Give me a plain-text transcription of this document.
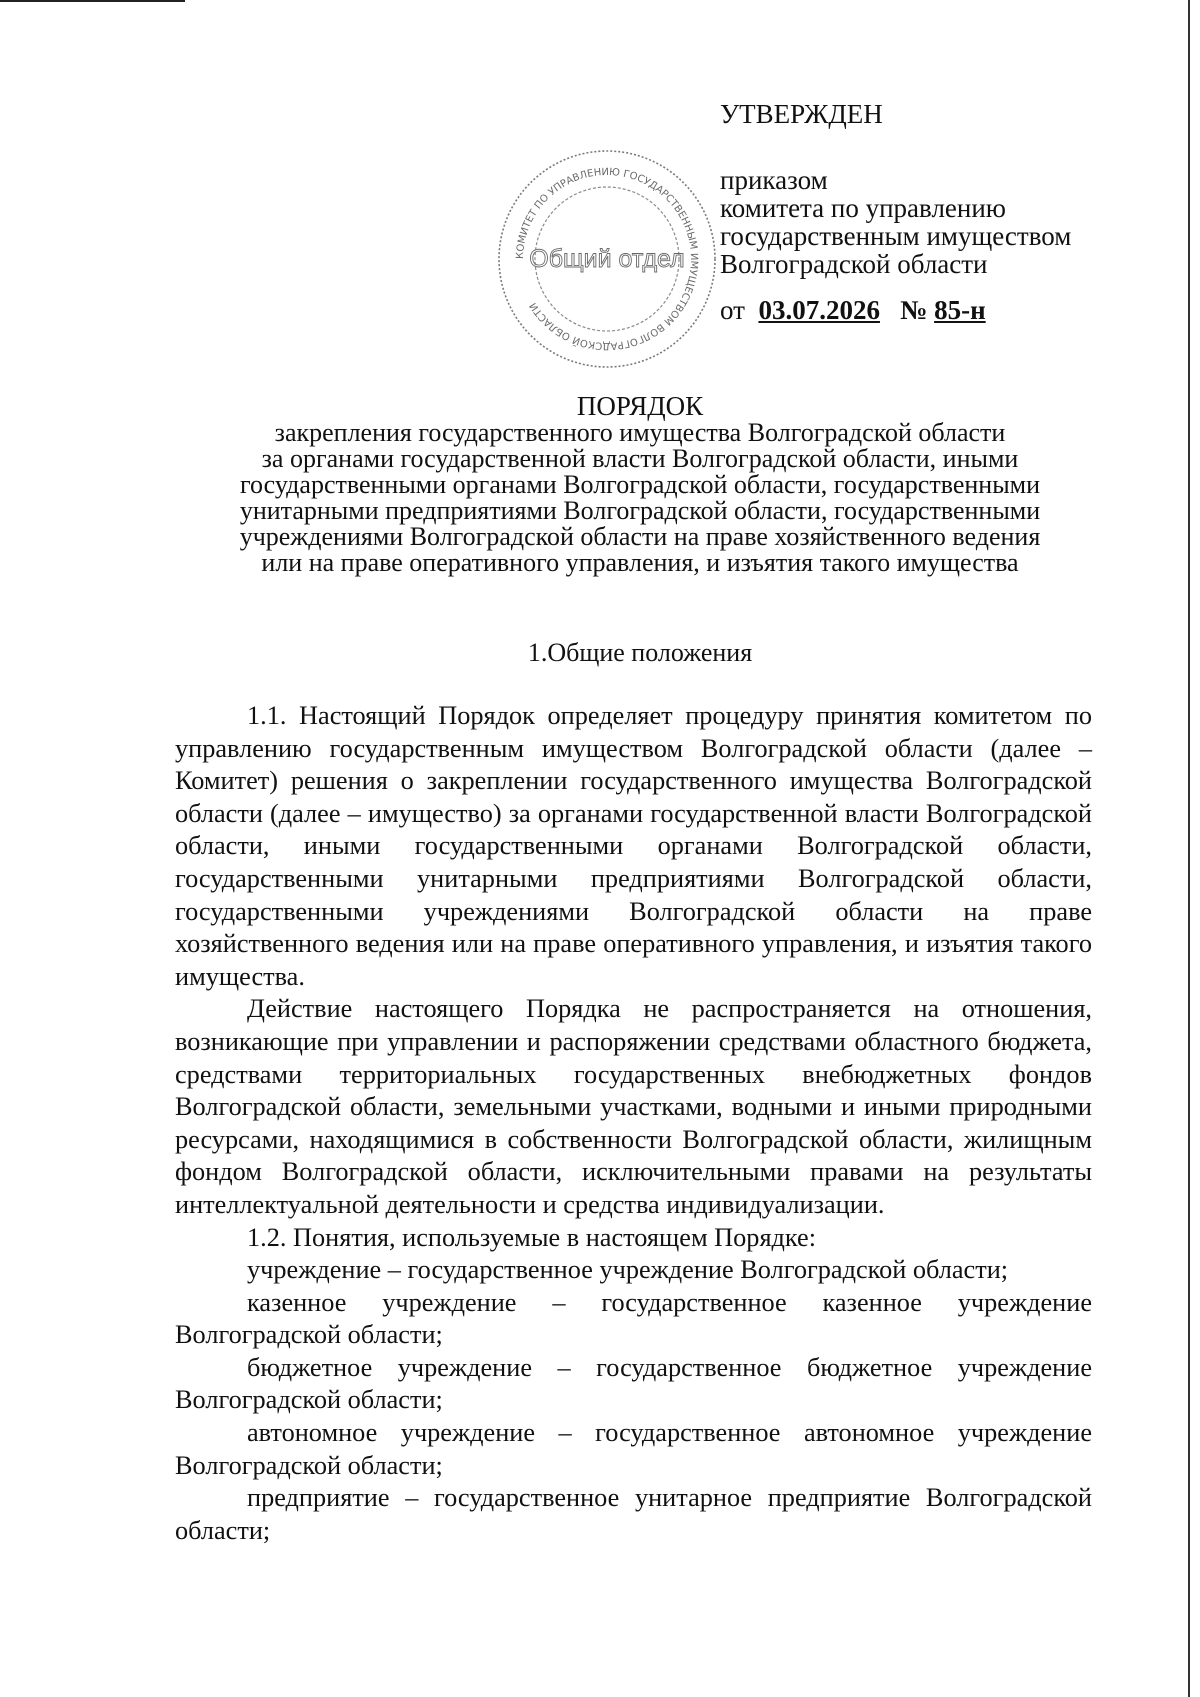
УТВЕРЖДЕН
приказом
комитета по управлению
государственным имуществом
Волгоградской области
от 03.07.2026 № 85-н
КОМИТЕТ ПО УПРАВЛЕНИЮ ГОСУДАРСТВЕННЫМ ИМУЩЕСТВОМ ВОЛГОГРАДСКОЙ ОБЛАСТИ
Общий отдел
ПОРЯДОК
закрепления государственного имущества Волгоградской области
за органами государственной власти Волгоградской области, иными
государственными органами Волгоградской области, государственными
унитарными предприятиями Волгоградской области, государственными
учреждениями Волгоградской области на праве хозяйственного ведения
или на праве оперативного управления, и изъятия такого имущества
1.Общие положения

1.1. Настоящий Порядок определяет процедуру принятия комитетом по управлению государственным имуществом Волгоградской области (далее – Комитет) решения о закреплении государственного имущества Волгоградской области (далее – имущество) за органами государственной власти Волгоградской области, иными государственными органами Волгоградской области, государственными унитарными предприятиями Волгоградской области, государственными учреждениями Волгоградской области на праве хозяйственного ведения или на праве оперативного управления, и изъятия такого имущества.

Действие настоящего Порядка не распространяется на отношения, возникающие при управлении и распоряжении средствами областного бюджета, средствами территориальных государственных внебюджетных фондов Волгоградской области, земельными участками, водными и иными природными ресурсами, находящимися в собственности Волгоградской области, жилищным фондом Волгоградской области, исключительными правами на результаты интеллектуальной деятельности и средства индивидуализации.

1.2. Понятия, используемые в настоящем Порядке:

учреждение – государственное учреждение Волгоградской области;

казенное учреждение – государственное казенное учреждение Волгоградской области;

бюджетное учреждение – государственное бюджетное учреждение Волгоградской области;

автономное учреждение – государственное автономное учреждение Волгоградской области;

предприятие – государственное унитарное предприятие Волгоградской области;
